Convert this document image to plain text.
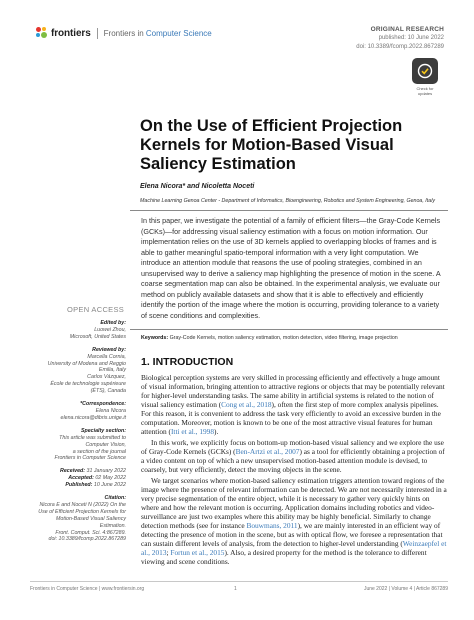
frontiers Frontiers in Computer Science	ORIGINAL RESEARCH
published: 10 June 2022
doi: 10.3389/fcomp.2022.867289
Check for updates
On the Use of Efficient Projection Kernels for Motion-Based Visual Saliency Estimation
Elena Nicora* and Nicoletta Noceti
Machine Learning Genoa Center - Department of Informatics, Bioengineering, Robotics and System Engineering, Genoa, Italy

In this paper, we investigate the potential of a family of efficient filters—the Gray-Code Kernels (GCKs)—for addressing visual saliency estimation with a focus on motion information. Our implementation relies on the use of 3D kernels applied to overlapping blocks of frames and is able to gather meaningful spatio-temporal information with a very light computation. We introduce an attention module that reasons the use of pooling strategies, combined in an unsupervised way to derive a saliency map highlighting the presence of motion in the scene. A coarse segmentation map can also be obtained. In the experimental analysis, we evaluate our method on publicly available datasets and show that it is able to effectively and efficiently identify the portion of the image where the motion is occurring, providing tolerance to a variety of scene conditions and complexities.

Keywords: Gray-Code Kernels, motion saliency estimation, motion detection, video filtering, image projection
OPEN ACCESS
Edited by:
Luowei Zhou,
Microsoft, United States
Reviewed by:
Marcella Cornia,
University of Modena and Reggio
Emilia, Italy
Carlos Vázquez,
École de technologie supérieure
(ÉTS), Canada
*Correspondence:
Elena Nicora
elena.nicora@dibris.unige.it
Specialty section:
This article was submitted to
Computer Vision,
a section of the journal
Frontiers in Computer Science
Received: 31 January 2022
Accepted: 02 May 2022
Published: 10 June 2022
Citation:
Nicora E and Noceti N (2022) On the
Use of Efficient Projection Kernels for
Motion-Based Visual Saliency
Estimation.
Front. Comput. Sci. 4:867289.
doi: 10.3389/fcomp.2022.867289
1. INTRODUCTION
Biological perception systems are very skilled in processing efficiently and effectively a huge amount of visual information, bringing attention to attractive regions or objects that may be potentially relevant for higher-level understanding tasks. The same ability in artificial systems is related to the notion of visual saliency estimation (Cong et al., 2018), often the first step of more complex analysis pipelines. For this reason, it is convenient to address the task very efficiently to avoid an excessive burden in the computation. Moreover, motion is known to be one of the most attractive visual features for human attention (Itti et al., 1998).
In this work, we explicitly focus on bottom-up motion-based visual saliency and we explore the use of Gray-Code Kernels (GCKs) (Ben-Artzi et al., 2007) as a tool for efficiently obtaining a projection of a video content on top of which a new unsupervised motion-based attention module is devised, to coarsely, but very efficiently, detect the moving objects in the scene.
We target scenarios where motion-based saliency estimation triggers attention toward regions of the image where the presence of relevant information can be detected. We are not necessarily interested in a very precise segmentation of the entire object, while it is necessary to gather very quickly hints on where and how the relevant motion is occurring. Application domains including robotics and video-surveillance are just two examples where this ability may be highly beneficial. Similarly to change detection methods (see for instance Bouwmans, 2011), we are mainly interested in an efficient way of detecting the presence of motion in the scene, but as with optical flow, we foresee a representation that can sustain different levels of analysis, from the detection to higher-level understanding (Weinzaepfel et al., 2013; Fortun et al., 2015). Also, a desired property for the method is the tolerance to different viewing and scene conditions.
Frontiers in Computer Science | www.frontiersin.org	1	June 2022 | Volume 4 | Article 867289
